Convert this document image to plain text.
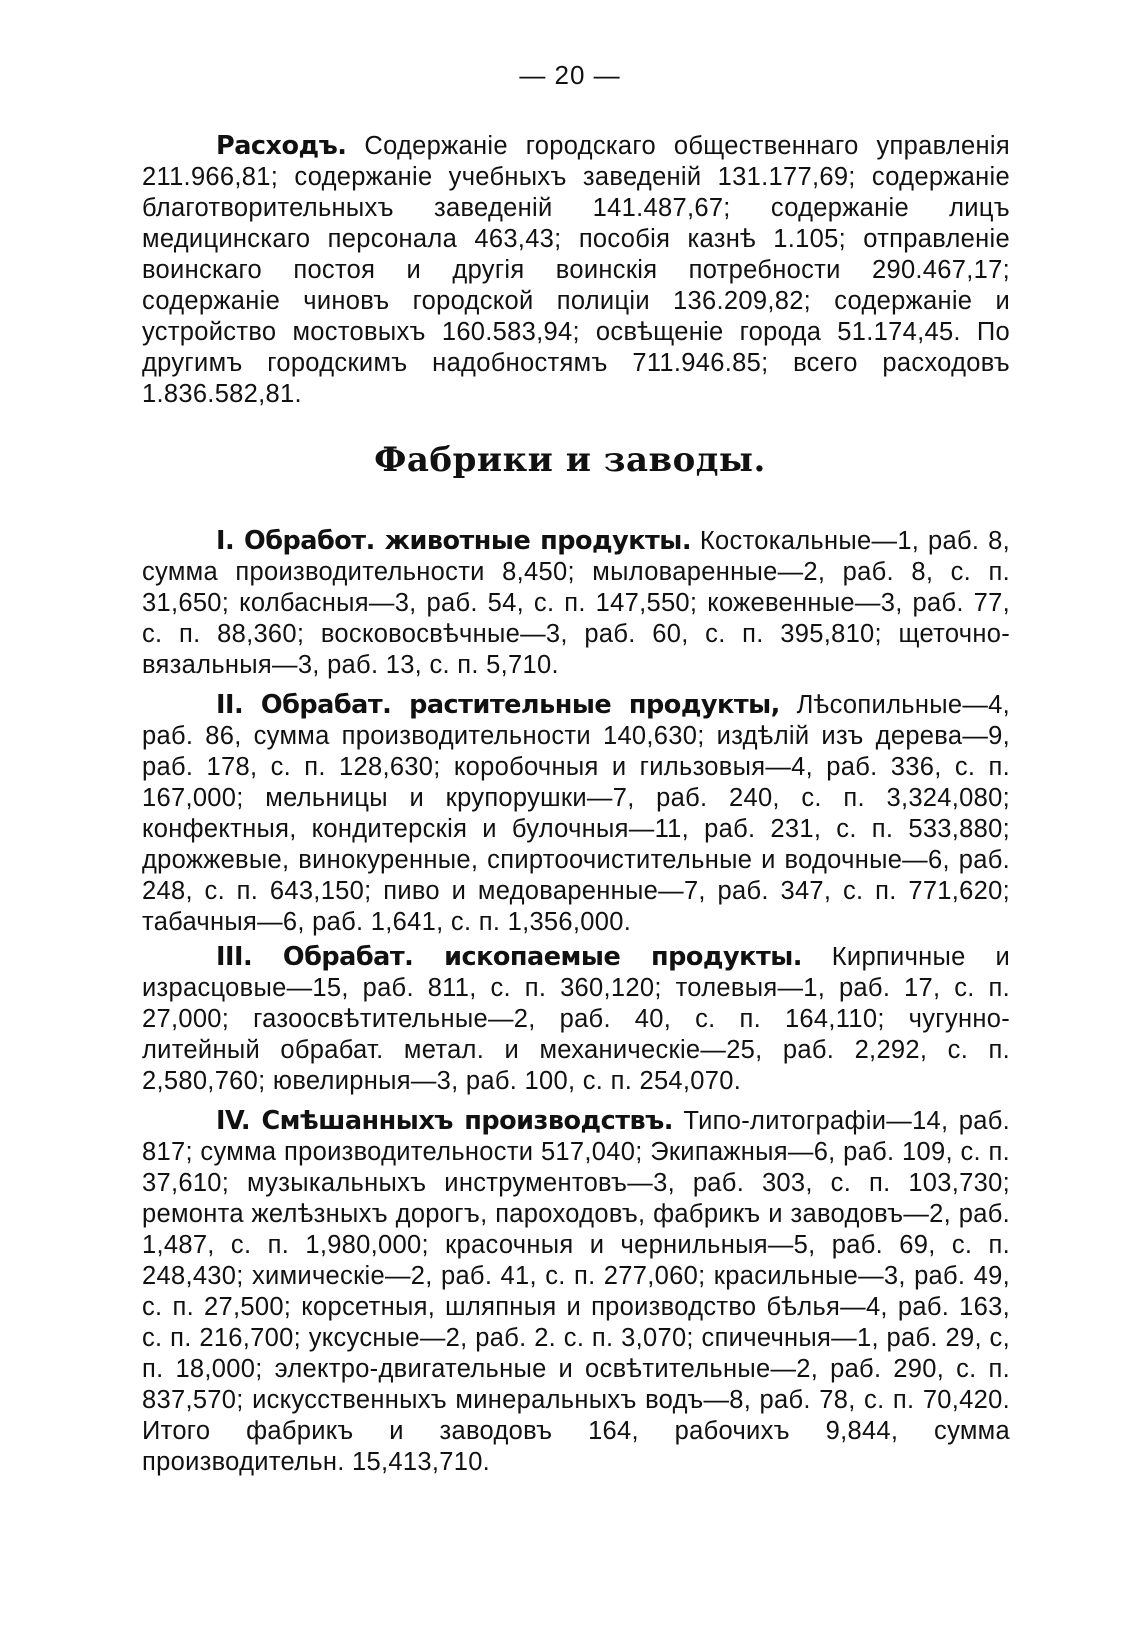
— 20 —

Расходъ. Содержаніе городскаго общественнаго управленія 211.966,81; содержаніе учебныхъ заведеній 131.177,69; содержаніе благотворительныхъ заведеній 141.487,67; содержаніе лицъ медицинскаго персонала 463,43; пособія казнѣ 1.105; отправленіе воинскаго постоя и другія воинскія потребности 290.467,17; содержаніе чиновъ городской полиціи 136.209,82; содержаніе и устройство мостовыхъ 160.583,94; освѣщеніе города 51.174,45. По другимъ городскимъ надобностямъ 711.946.85; всего расходовъ 1.836.582,81.

Фабрики и заводы.

I. Обработ. животные продукты. Костокальные—1, раб. 8, сумма производительности 8,450; мыловаренные—2, раб. 8, с. п. 31,650; колбасныя—3, раб. 54, с. п. 147,550; кожевенные—3, раб. 77, с. п. 88,360; восковосвѣчные—3, раб. 60, с. п. 395,810; щеточно-вязальныя—3, раб. 13, с. п. 5,710.

II. Обрабат. растительные продукты, Лѣсопильные—4, раб. 86, сумма производительности 140,630; издѣлій изъ дерева—9, раб. 178, с. п. 128,630; коробочныя и гильзовыя—4, раб. 336, с. п. 167,000; мельницы и крупорушки—7, раб. 240, с. п. 3,324,080; конфектныя, кондитерскія и булочныя—11, раб. 231, с. п. 533,880; дрожжевые, винокуренные, спиртоочистительные и водочные—6, раб. 248, с. п. 643,150; пиво и медоваренные—7, раб. 347, с. п. 771,620; табачныя—6, раб. 1,641, с. п. 1,356,000.

III. Обрабат. ископаемые продукты. Кирпичные и израсцовые—15, раб. 811, с. п. 360,120; толевыя—1, раб. 17, с. п. 27,000; газоосвѣтительные—2, раб. 40, с. п. 164,110; чугунно-литейный обрабат. метал. и механическіе—25, раб. 2,292, с. п. 2,580,760; ювелирныя—3, раб. 100, с. п. 254,070.

IV. Смѣшанныхъ производствъ. Типо-литографіи—14, раб. 817; сумма производительности 517,040; Экипажныя—6, раб. 109, с. п. 37,610; музыкальныхъ инструментовъ—3, раб. 303, с. п. 103,730; ремонта желѣзныхъ дорогъ, пароходовъ, фабрикъ и заводовъ—2, раб. 1,487, с. п. 1,980,000; красочныя и чернильныя—5, раб. 69, с. п. 248,430; химическіе—2, раб. 41, с. п. 277,060; красильные—3, раб. 49, с. п. 27,500; корсетныя, шляпныя и производство бѣлья—4, раб. 163, с. п. 216,700; уксусные—2, раб. 2. с. п. 3,070; спичечныя—1, раб. 29, с, п. 18,000; электро-двигательные и освѣтительные—2, раб. 290, с. п. 837,570; искусственныхъ минеральныхъ водъ—8, раб. 78, с. п. 70,420. Итого фабрикъ и заводовъ 164, рабочихъ 9,844, сумма производительн. 15,413,710.
